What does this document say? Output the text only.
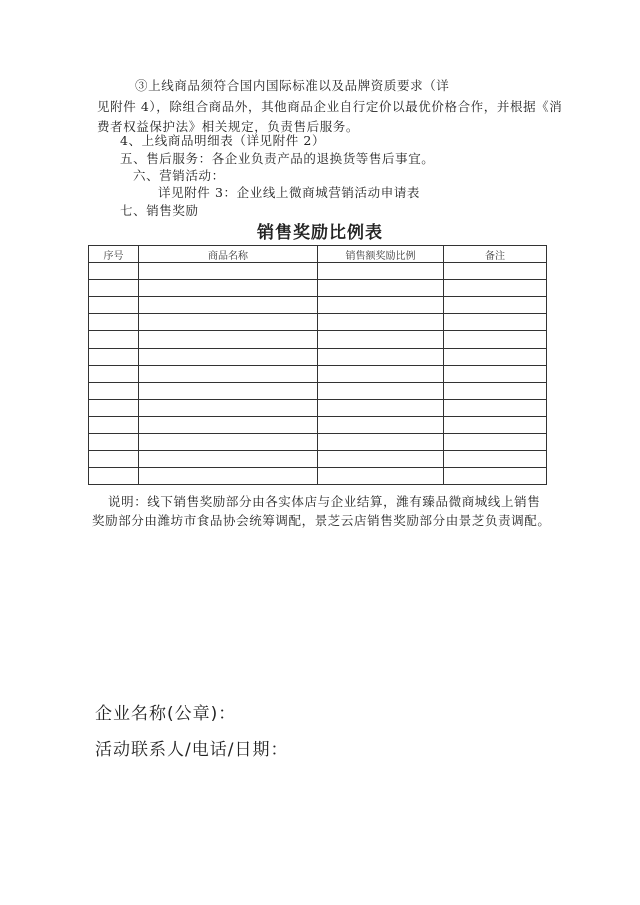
③上线商品须符合国内国际标准以及品牌资质要求（详
见附件 4），除组合商品外，其他商品企业自行定价以最优价格合作，并根据《消
费者权益保护法》相关规定，负责售后服务。
4、上线商品明细表（详见附件 2）
五、售后服务：各企业负责产品的退换货等售后事宜。
六、营销活动：
详见附件 3：企业线上微商城营销活动申请表
七、销售奖励
销售奖励比例表
序号	商品名称	销售额奖励比例	备注

说明：线下销售奖励部分由各实体店与企业结算，潍有臻品微商城线上销售
奖励部分由潍坊市食品协会统筹调配，景芝云店销售奖励部分由景芝负责调配。
企业名称(公章)：
活动联系人/电话/日期：
